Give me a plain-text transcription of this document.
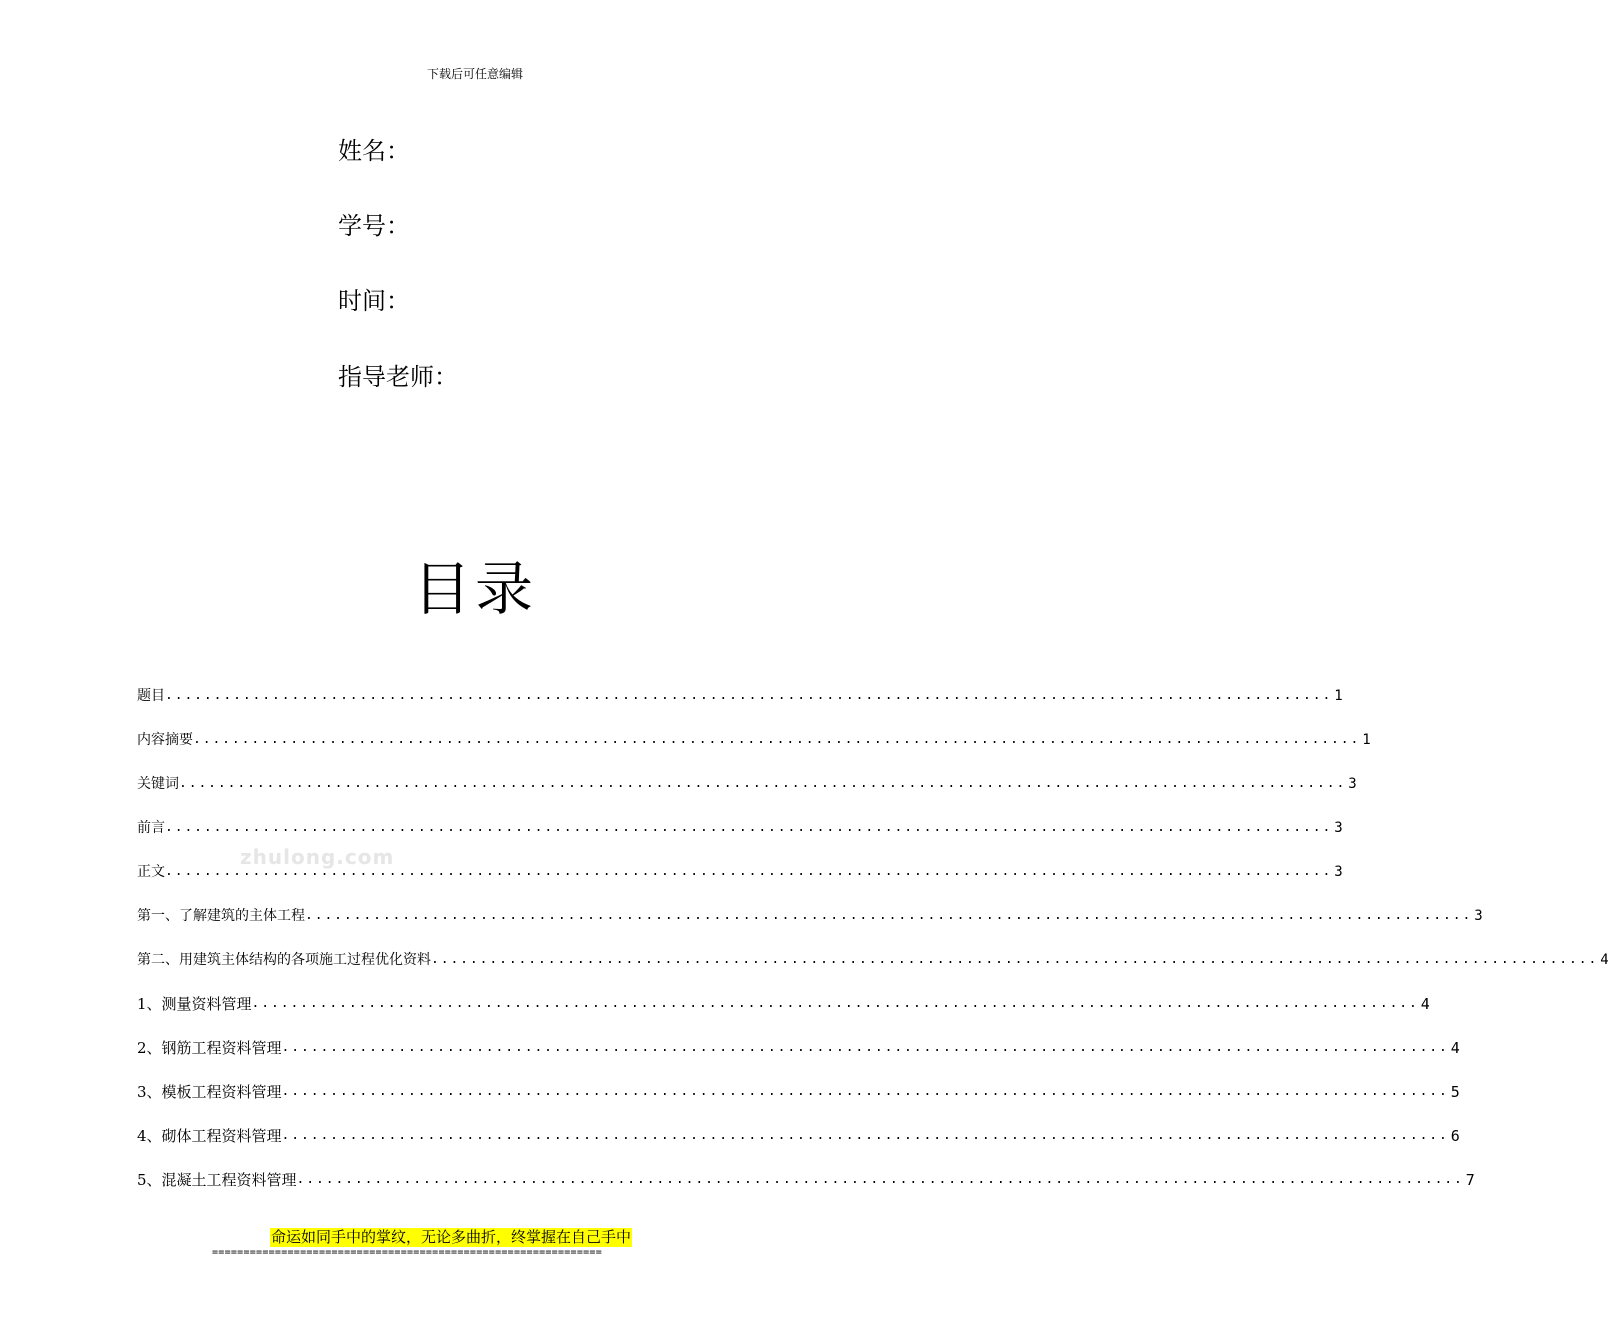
下载后可任意编辑
姓名：
学号：
时间：
指导老师：
目录
zhulong.com
题目 ........................................................................................................................ 1
内容摘要 ........................................................................................................................ 1
关键词 ........................................................................................................................ 3
前言 ........................................................................................................................ 3
正文 ........................................................................................................................ 3
第一、了解建筑的主体工程 ........................................................................................................................ 3
第二、用建筑主体结构的各项施工过程优化资料 ........................................................................................................................ 4
1、测量资料管理 ........................................................................................................................ 4
2、钢筋工程资料管理 ........................................................................................................................ 4
3、模板工程资料管理 ........................................................................................................................ 5
4、砌体工程资料管理 ........................................................................................................................ 6
5、混凝土工程资料管理 ........................................................................................................................ 7
命运如同手中的掌纹，无论多曲折，终掌握在自己手中
==============================================================
